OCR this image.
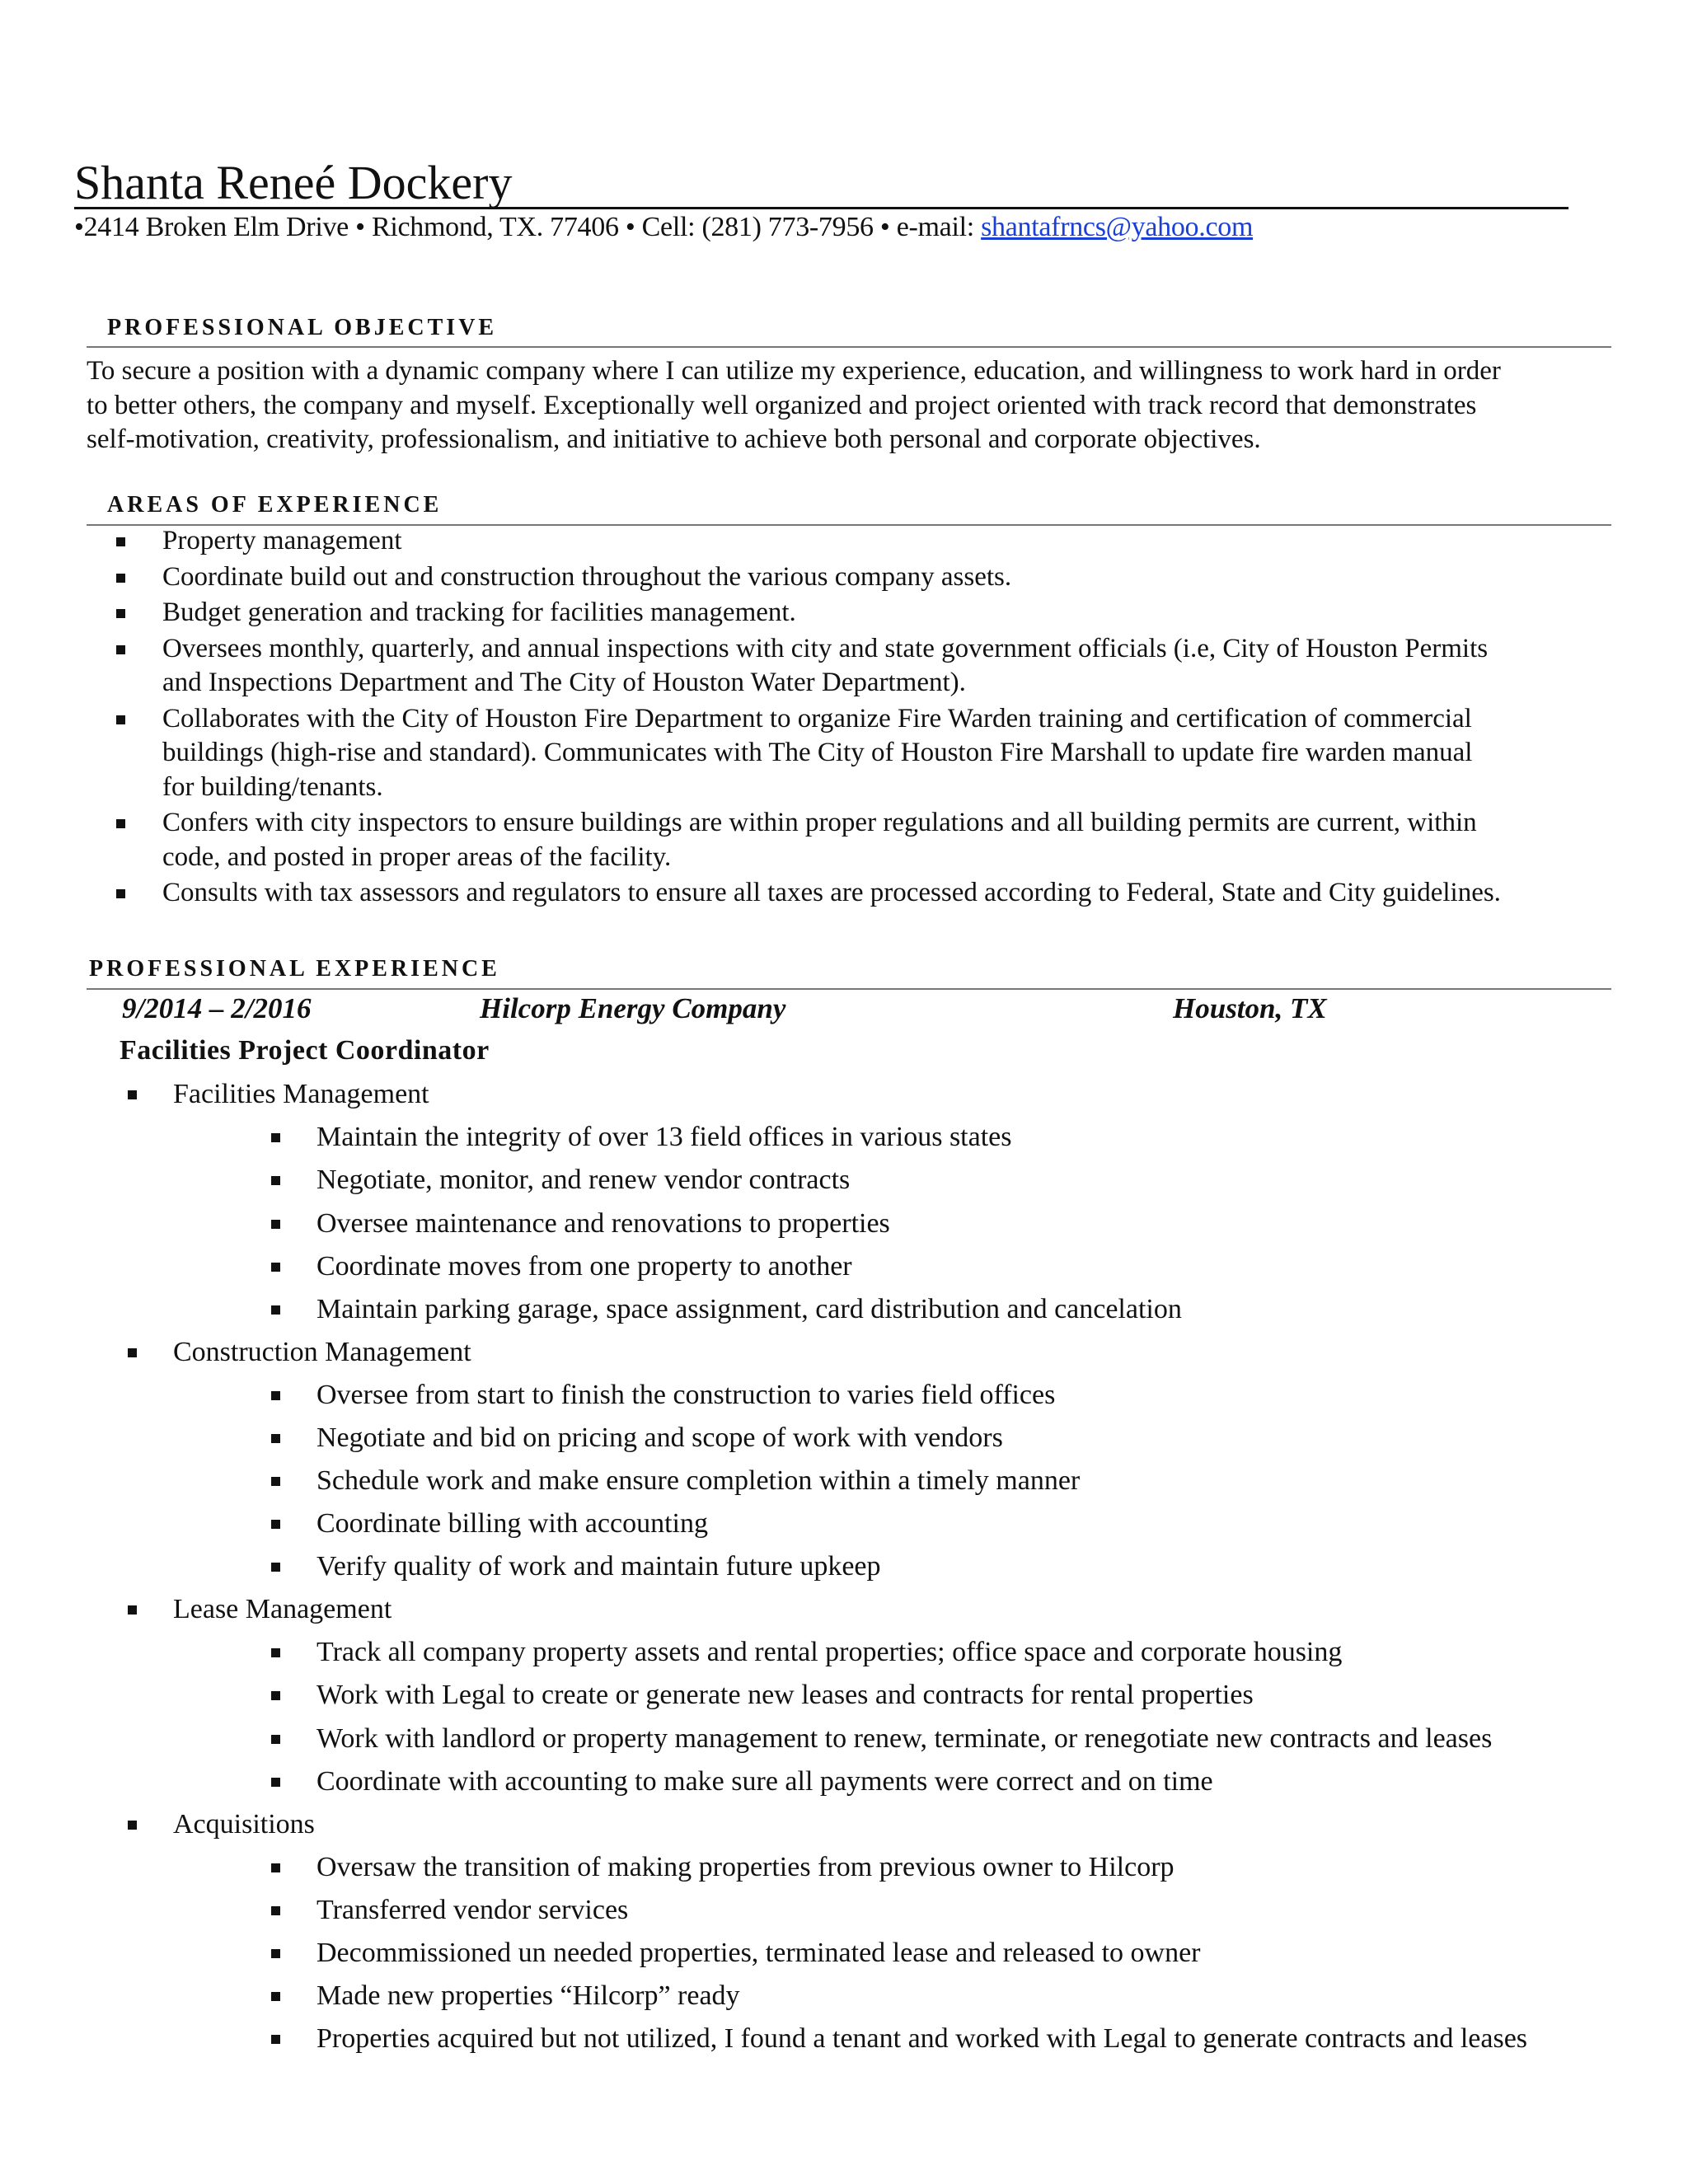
Shanta Reneé Dockery
•2414 Broken Elm Drive • Richmond, TX. 77406 • Cell: (281) 773-7956 • e-mail: shantafrncs@yahoo.com
PROFESSIONAL OBJECTIVE
To secure a position with a dynamic company where I can utilize my experience, education, and willingness to work hard in order
to better others, the company and myself. Exceptionally well organized and project oriented with track record that demonstrates
self-motivation, creativity, professionalism, and initiative to achieve both personal and corporate objectives.
AREAS OF EXPERIENCE
Property management
Coordinate build out and construction throughout the various company assets.
Budget generation and tracking for facilities management.
Oversees monthly, quarterly, and annual inspections with city and state government officials (i.e, City of Houston Permits
and Inspections Department and The City of Houston Water Department).
Collaborates with the City of Houston Fire Department to organize Fire Warden training and certification of commercial
buildings (high-rise and standard). Communicates with The City of Houston Fire Marshall to update fire warden manual
for building/tenants.
Confers with city inspectors to ensure buildings are within proper regulations and all building permits are current, within
code, and posted in proper areas of the facility.
Consults with tax assessors and regulators to ensure all taxes are processed according to Federal, State and City guidelines.
PROFESSIONAL EXPERIENCE
9/2014 – 2/2016	Hilcorp Energy Company	Houston, TX
Facilities Project Coordinator
Facilities Management
Maintain the integrity of over 13 field offices in various states
Negotiate, monitor, and renew vendor contracts
Oversee maintenance and renovations to properties
Coordinate moves from one property to another
Maintain parking garage, space assignment, card distribution and cancelation
Construction Management
Oversee from start to finish the construction to varies field offices
Negotiate and bid on pricing and scope of work with vendors
Schedule work and make ensure completion within a timely manner
Coordinate billing with accounting
Verify quality of work and maintain future upkeep
Lease Management
Track all company property assets and rental properties; office space and corporate housing
Work with Legal to create or generate new leases and contracts for rental properties
Work with landlord or property management to renew, terminate, or renegotiate new contracts and leases
Coordinate with accounting to make sure all payments were correct and on time
Acquisitions
Oversaw the transition of making properties from previous owner to Hilcorp
Transferred vendor services
Decommissioned un needed properties, terminated lease and released to owner
Made new properties “Hilcorp” ready
Properties acquired but not utilized, I found a tenant and worked with Legal to generate contracts and leases
